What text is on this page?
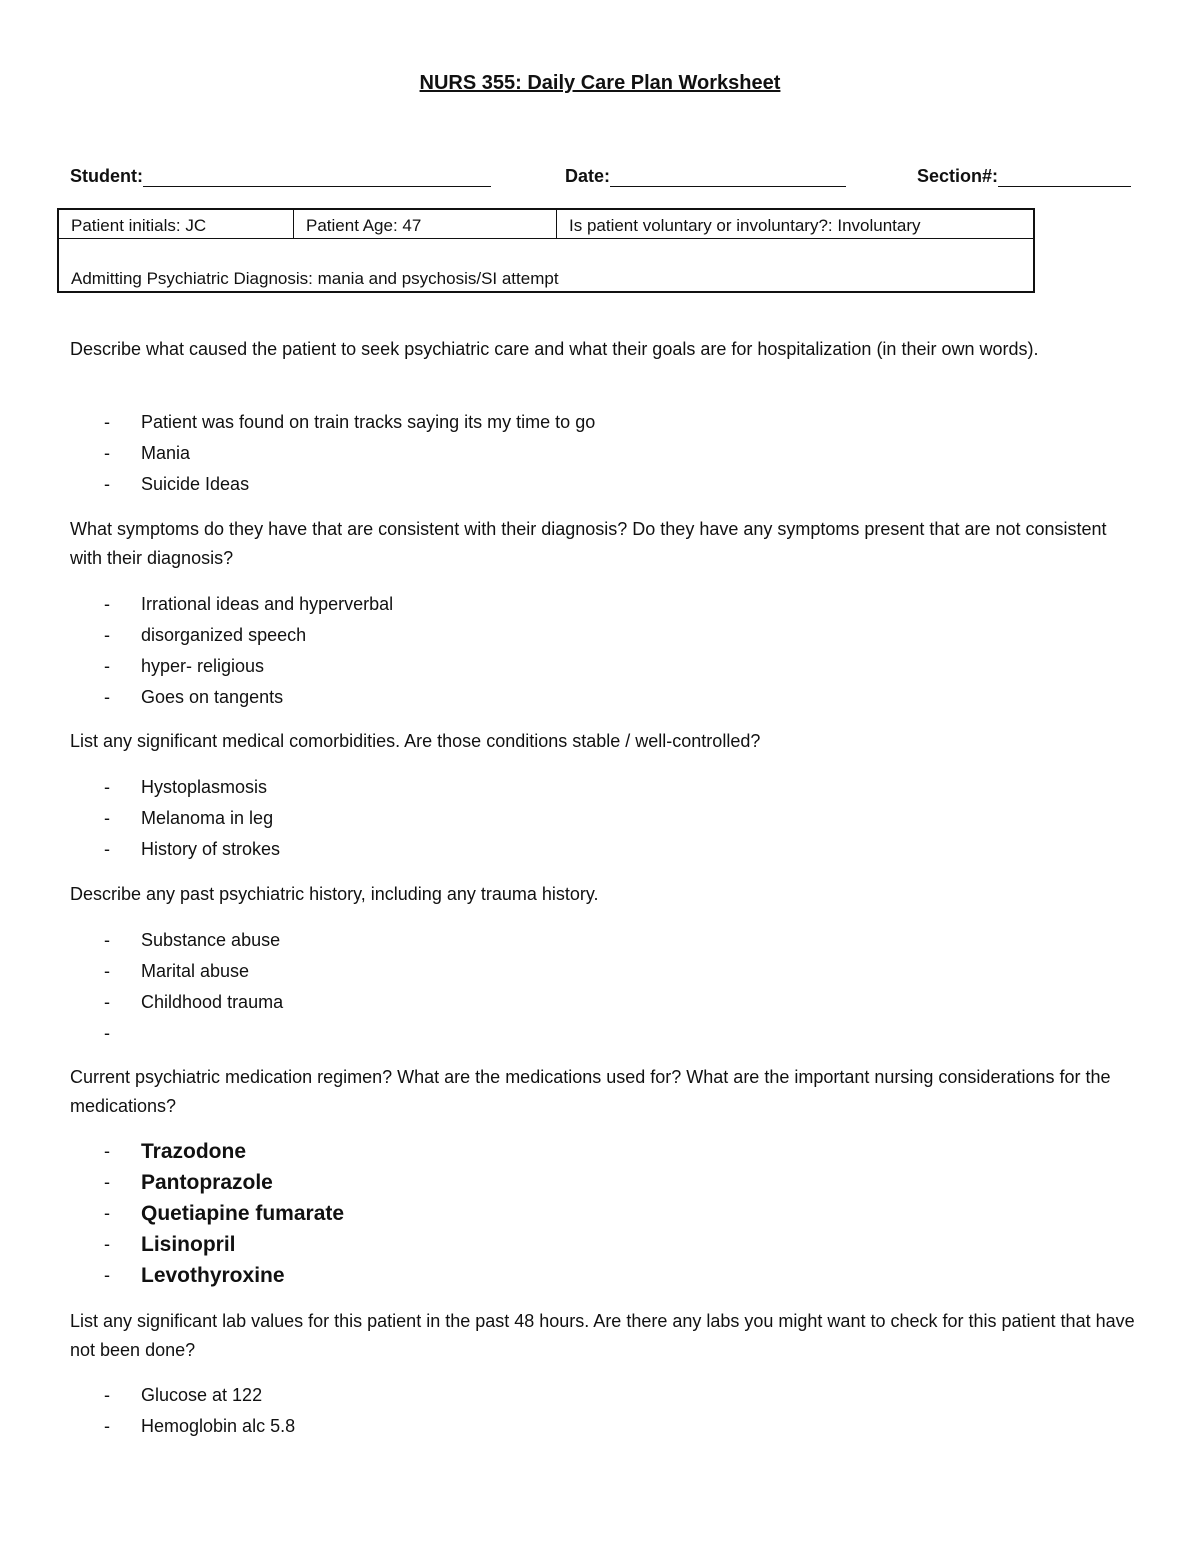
NURS 355: Daily Care Plan Worksheet
Student:	Date:	Section#:
Patient initials: JC	Patient Age: 47	Is patient voluntary or involuntary?: Involuntary
Admitting Psychiatric Diagnosis: mania and psychosis/SI attempt
Describe what caused the patient to seek psychiatric care and what their goals are for hospitalization (in their own words).
- Patient was found on train tracks saying its my time to go
- Mania
- Suicide Ideas
What symptoms do they have that are consistent with their diagnosis? Do they have any symptoms present that are not consistent with their diagnosis?
- Irrational ideas and hyperverbal
- disorganized speech
- hyper- religious
- Goes on tangents
List any significant medical comorbidities. Are those conditions stable / well-controlled?
- Hystoplasmosis
- Melanoma in leg
- History of strokes
Describe any past psychiatric history, including any trauma history.
- Substance abuse
- Marital abuse
- Childhood trauma
-
Current psychiatric medication regimen? What are the medications used for? What are the important nursing considerations for the medications?
- Trazodone
- Pantoprazole
- Quetiapine fumarate
- Lisinopril
- Levothyroxine
List any significant lab values for this patient in the past 48 hours. Are there any labs you might want to check for this patient that have not been done?
- Glucose at 122
- Hemoglobin alc 5.8
